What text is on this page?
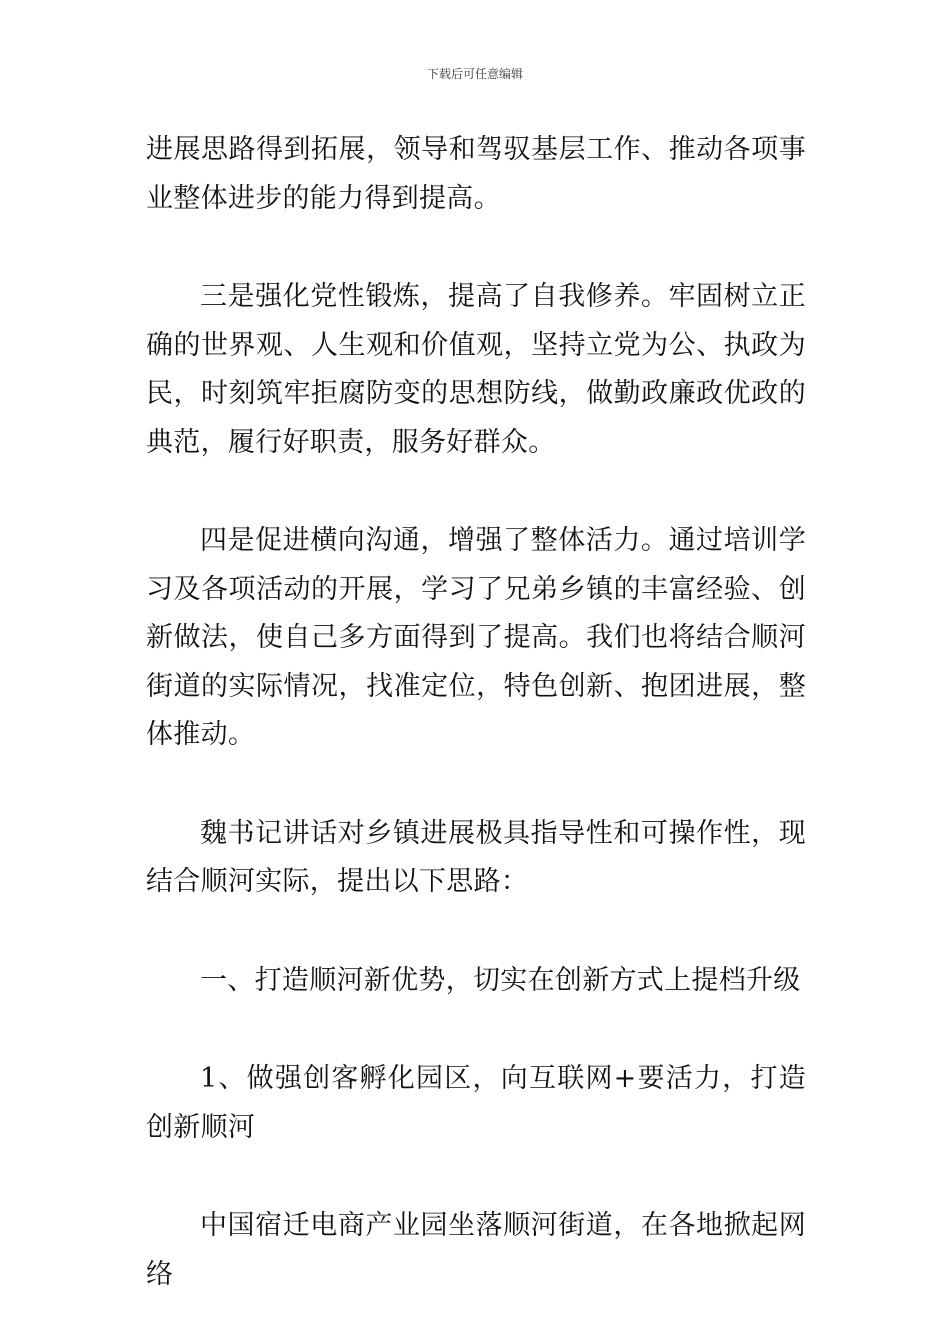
下载后可任意编辑

进展思路得到拓展，领导和驾驭基层工作、推动各项事业整体进步的能力得到提高。

三是强化党性锻炼，提高了自我修养。牢固树立正确的世界观、人生观和价值观，坚持立党为公、执政为民，时刻筑牢拒腐防变的思想防线，做勤政廉政优政的典范，履行好职责，服务好群众。

四是促进横向沟通，增强了整体活力。通过培训学习及各项活动的开展，学习了兄弟乡镇的丰富经验、创新做法，使自己多方面得到了提高。我们也将结合顺河街道的实际情况，找准定位，特色创新、抱团进展，整体推动。

魏书记讲话对乡镇进展极具指导性和可操作性，现结合顺河实际，提出以下思路：

一、打造顺河新优势，切实在创新方式上提档升级

1、做强创客孵化园区，向互联网+要活力，打造创新顺河

中国宿迁电商产业园坐落顺河街道，在各地掀起网络
